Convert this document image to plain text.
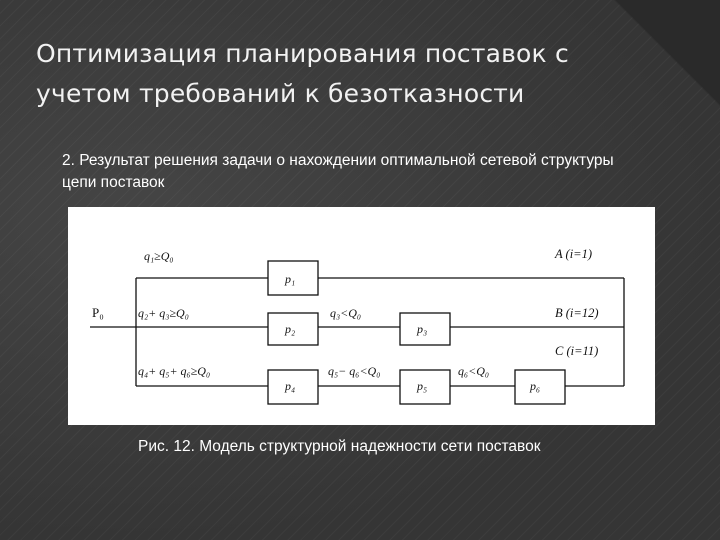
Оптимизация планирования поставок с
учетом требований к безотказности
2. Результат решения задачи о нахождении оптимальной сетевой структуры
цепи поставок
P₀
q₁≥Q₀
q₂+ q₃≥Q₀
q₄+ q₅+ q₆≥Q₀
q₃<Q₀
q₅− q₆<Q₀	q₆<Q₀
p₁
p₂	p₃
p₄	p₅	p₆
A (i=1)
B (i=12)
C (i=11)
Рис. 12. Модель структурной надежности сети поставок
